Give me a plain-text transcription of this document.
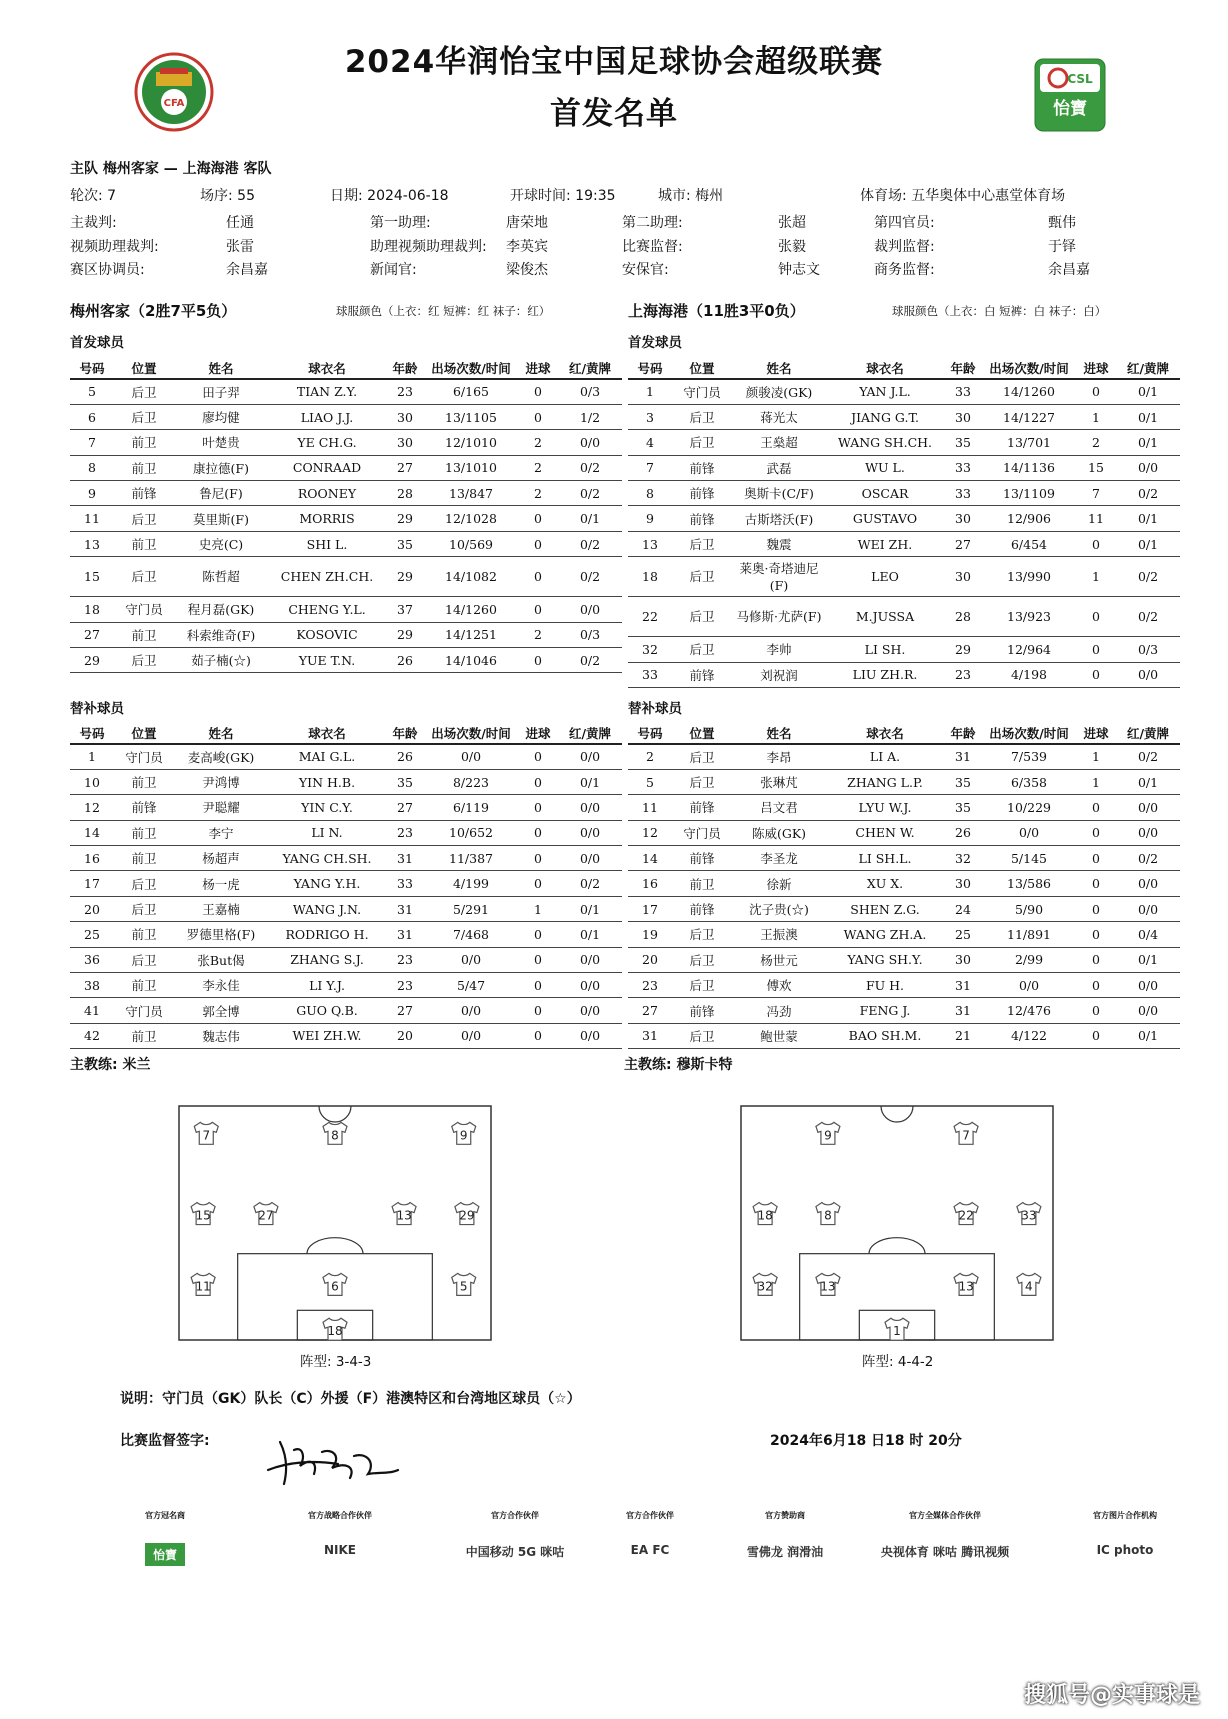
2024华润怡宝中国足球协会超级联赛
首发名单
CFA
CSL
怡寶
主队 梅州客家 — 上海海港 客队
轮次: 7	场序: 55	日期: 2024-06-18	开球时间: 19:35	城市: 梅州	体育场: 五华奥体中心惠堂体育场
主裁判:	任通	第一助理:	唐荣地	第二助理:	张超	第四官员:	甄伟
视频助理裁判:	张雷	助理视频助理裁判: 李英宾	比赛监督:	张毅	裁判监督:	于铎
赛区协调员:	余昌嘉	新闻官:	梁俊杰	安保官:	钟志文	商务监督:	余昌嘉
梅州客家（2胜7平5负）	球服颜色（上衣：红 短裤：红 袜子：红）	上海海港（11胜3平0负）	球服颜色（上衣：白 短裤：白 袜子：白）
首发球员	首发球员
号码	位置	姓名	球衣名	年龄	出场次数/时间	进球	红/黄牌
5	后卫	田子羿	TIAN Z.Y.	23	6/165	0	0/3
6	后卫	廖均健	LIAO J.J.	30	13/1105	0	1/2
7	前卫	叶楚贵	YE CH.G.	30	12/1010	2	0/0
8	前卫	康拉德(F)	CONRAAD	27	13/1010	2	0/2
9	前锋	鲁尼(F)	ROONEY	28	13/847	2	0/2
11	后卫	莫里斯(F)	MORRIS	29	12/1028	0	0/1
13	前卫	史亮(C)	SHI L.	35	10/569	0	0/2
15	后卫	陈哲超	CHEN ZH.CH.	29	14/1082	0	0/2
18	守门员	程月磊(GK)	CHENG Y.L.	37	14/1260	0	0/0
27	前卫	科索维奇(F)	KOSOVIC	29	14/1251	2	0/3
29	后卫	茹子楠(☆)	YUE T.N.	26	14/1046	0	0/2
号码	位置	姓名	球衣名	年龄	出场次数/时间	进球	红/黄牌
1	守门员	颜骏凌(GK)	YAN J.L.	33	14/1260	0	0/1
3	后卫	蒋光太	JIANG G.T.	30	14/1227	1	0/1
4	后卫	王燊超	WANG SH.CH.	35	13/701	2	0/1
7	前锋	武磊	WU L.	33	14/1136	15	0/0
8	前锋	奥斯卡(C/F)	OSCAR	33	13/1109	7	0/2
9	前锋	古斯塔沃(F)	GUSTAVO	30	12/906	11	0/1
13	后卫	魏震	WEI ZH.	27	6/454	0	0/1
18	后卫	莱奥·奇塔迪尼(F)	LEO	30	13/990	1	0/2
22	后卫	马修斯·尤萨(F)	M.JUSSA	28	13/923	0	0/2
32	后卫	李帅	LI SH.	29	12/964	0	0/3
33	前锋	刘祝润	LIU ZH.R.	23	4/198	0	0/0
替补球员	替补球员
号码	位置	姓名	球衣名	年龄	出场次数/时间	进球	红/黄牌
1	守门员	麦高峻(GK)	MAI G.L.	26	0/0	0	0/0
10	前卫	尹鸿博	YIN H.B.	35	8/223	0	0/1
12	前锋	尹聪耀	YIN C.Y.	27	6/119	0	0/0
14	前卫	李宁	LI N.	23	10/652	0	0/0
16	前卫	杨超声	YANG CH.SH.	31	11/387	0	0/0
17	后卫	杨一虎	YANG Y.H.	33	4/199	0	0/2
20	后卫	王嘉楠	WANG J.N.	31	5/291	1	0/1
25	前卫	罗德里格(F)	RODRIGO H.	31	7/468	0	0/1
36	后卫	张But偈	ZHANG S.J.	23	0/0	0	0/0
38	前卫	李永佳	LI Y.J.	23	5/47	0	0/0
41	守门员	郭全博	GUO Q.B.	27	0/0	0	0/0
42	前卫	魏志伟	WEI ZH.W.	20	0/0	0	0/0
号码	位置	姓名	球衣名	年龄	出场次数/时间	进球	红/黄牌
2	后卫	李昂	LI A.	31	7/539	1	0/2
5	后卫	张琳芃	ZHANG L.P.	35	6/358	1	0/1
11	前锋	吕文君	LYU W.J.	35	10/229	0	0/0
12	守门员	陈威(GK)	CHEN W.	26	0/0	0	0/0
14	前锋	李圣龙	LI SH.L.	32	5/145	0	0/2
16	前卫	徐新	XU X.	30	13/586	0	0/0
17	前锋	沈子贵(☆)	SHEN Z.G.	24	5/90	0	0/0
19	后卫	王振澳	WANG ZH.A.	25	11/891	0	0/4
20	后卫	杨世元	YANG SH.Y.	30	2/99	0	0/1
23	后卫	傅欢	FU H.	31	0/0	0	0/0
27	前锋	冯劲	FENG J.	31	12/476	0	0/0
31	后卫	鲍世蒙	BAO SH.M.	21	4/122	0	0/1
主教练: 米兰	主教练: 穆斯卡特
7	8	9
15	27	13	29
11	6	5
18
9	7
18	8	22	33
32	13	13	4
1
阵型: 3-4-3	阵型: 4-4-2
说明：守门员（GK）队长（C）外援（F）港澳特区和台湾地区球员（☆）
比赛监督签字:	2024年6月18 日18 时 20分
官方冠名商
怡寶
官方战略合作伙伴
NIKE
官方合作伙伴
中国移动 5G 咪咕
官方合作伙伴
EA FC
官方赞助商
雪佛龙 润滑油
官方全媒体合作伙伴
央视体育 咪咕 腾讯视频
官方图片合作机构
IC photo
搜狐号@实事球是
